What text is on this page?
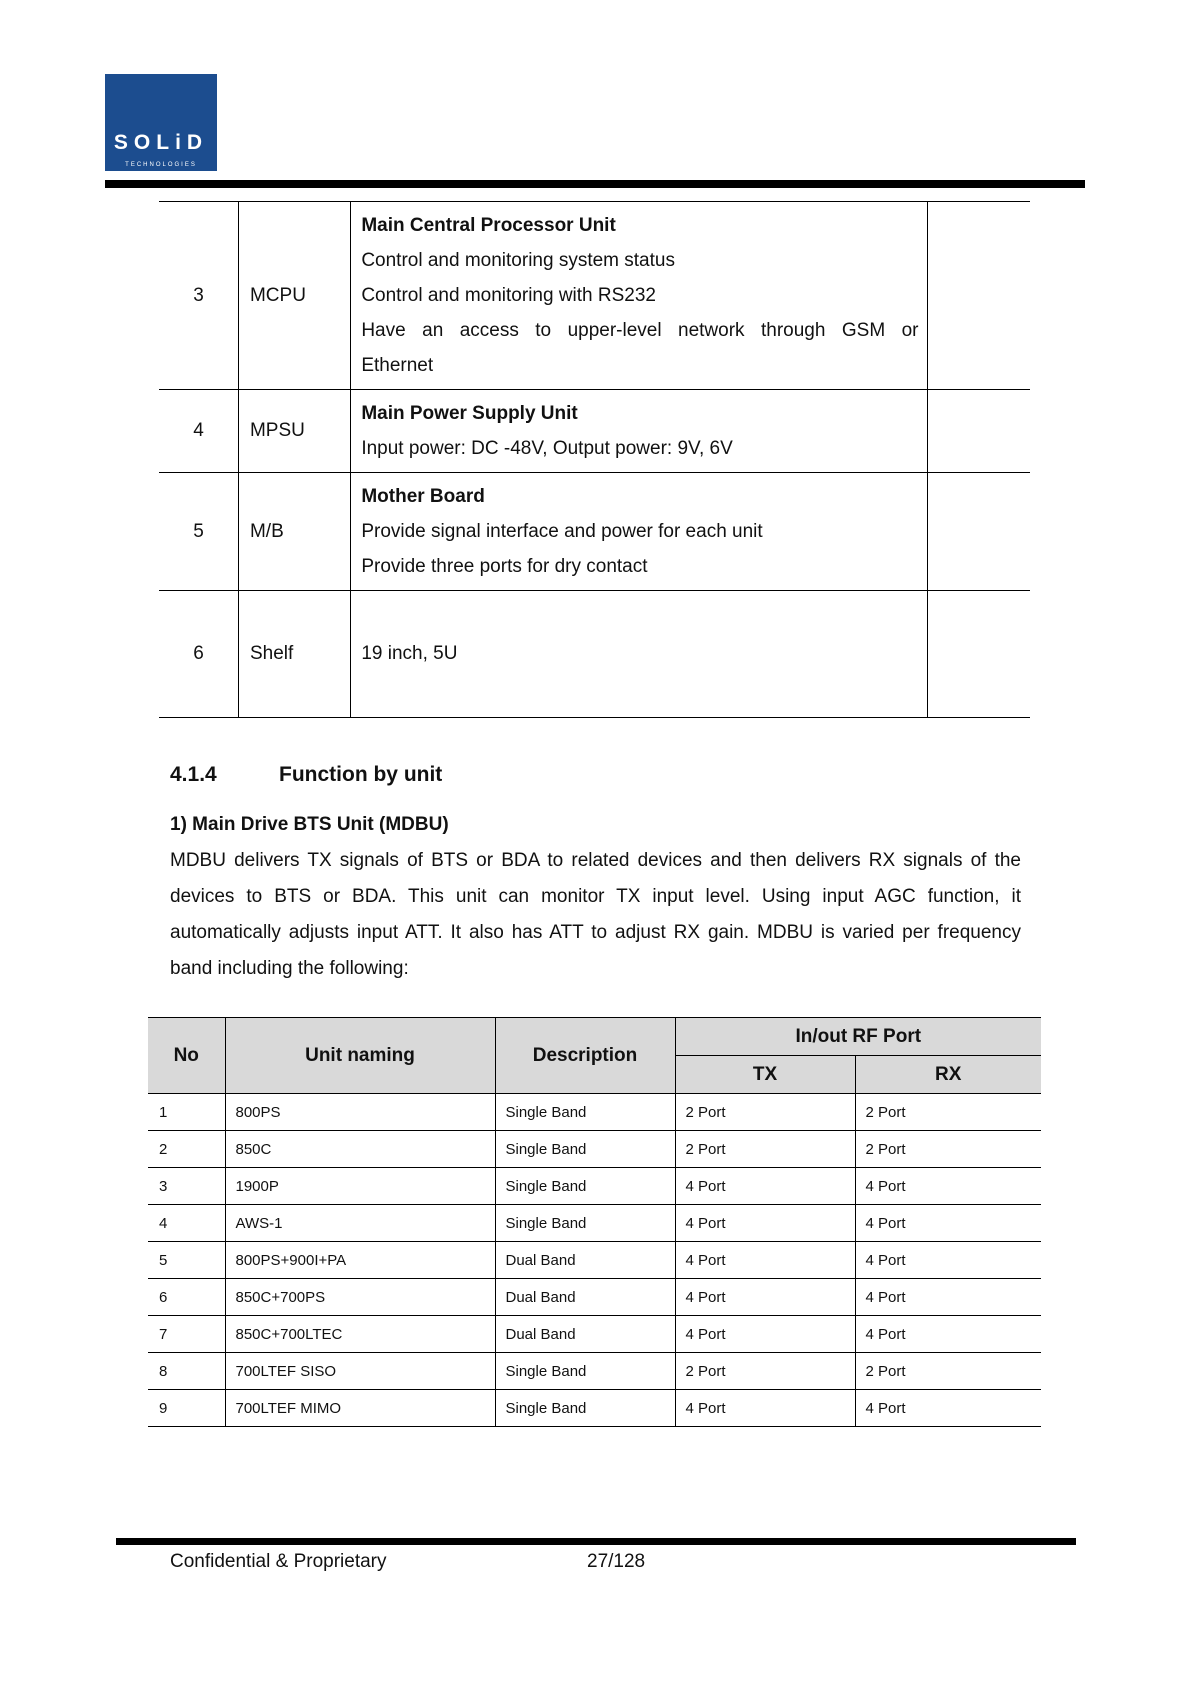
SOLiD
TECHNOLOGIES
3	MCPU	Main Central Processor Unit
Control and monitoring system status
Control and monitoring with RS232
Have an access to upper-level network through GSM or
Ethernet	

4	MPSU	Main Power Supply Unit
Input power: DC -48V, Output power: 9V, 6V	

5	M/B	Mother Board
Provide signal interface and power for each unit
Provide three ports for dry contact	

6	Shelf	19 inch, 5U	
4.1.4	Function by unit
1) Main Drive BTS Unit (MDBU)

MDBU delivers TX signals of BTS or BDA to related devices and then delivers RX signals of the devices to BTS or BDA. This unit can monitor TX input level. Using input AGC function, it automatically adjusts input ATT. It also has ATT to adjust RX gain. MDBU is varied per frequency band including the following:

No	Unit naming	Description	In/out RF Port	
			TX	RX
1	800PS	Single Band	2 Port	2 Port
2	850C	Single Band	2 Port	2 Port
3	1900P	Single Band	4 Port	4 Port
4	AWS-1	Single Band	4 Port	4 Port
5	800PS+900I+PA	Dual Band	4 Port	4 Port
6	850C+700PS	Dual Band	4 Port	4 Port
7	850C+700LTEC	Dual Band	4 Port	4 Port
8	700LTEF SISO	Single Band	2 Port	2 Port
9	700LTEF MIMO	Single Band	4 Port	4 Port
Confidential & Proprietary	27/128
